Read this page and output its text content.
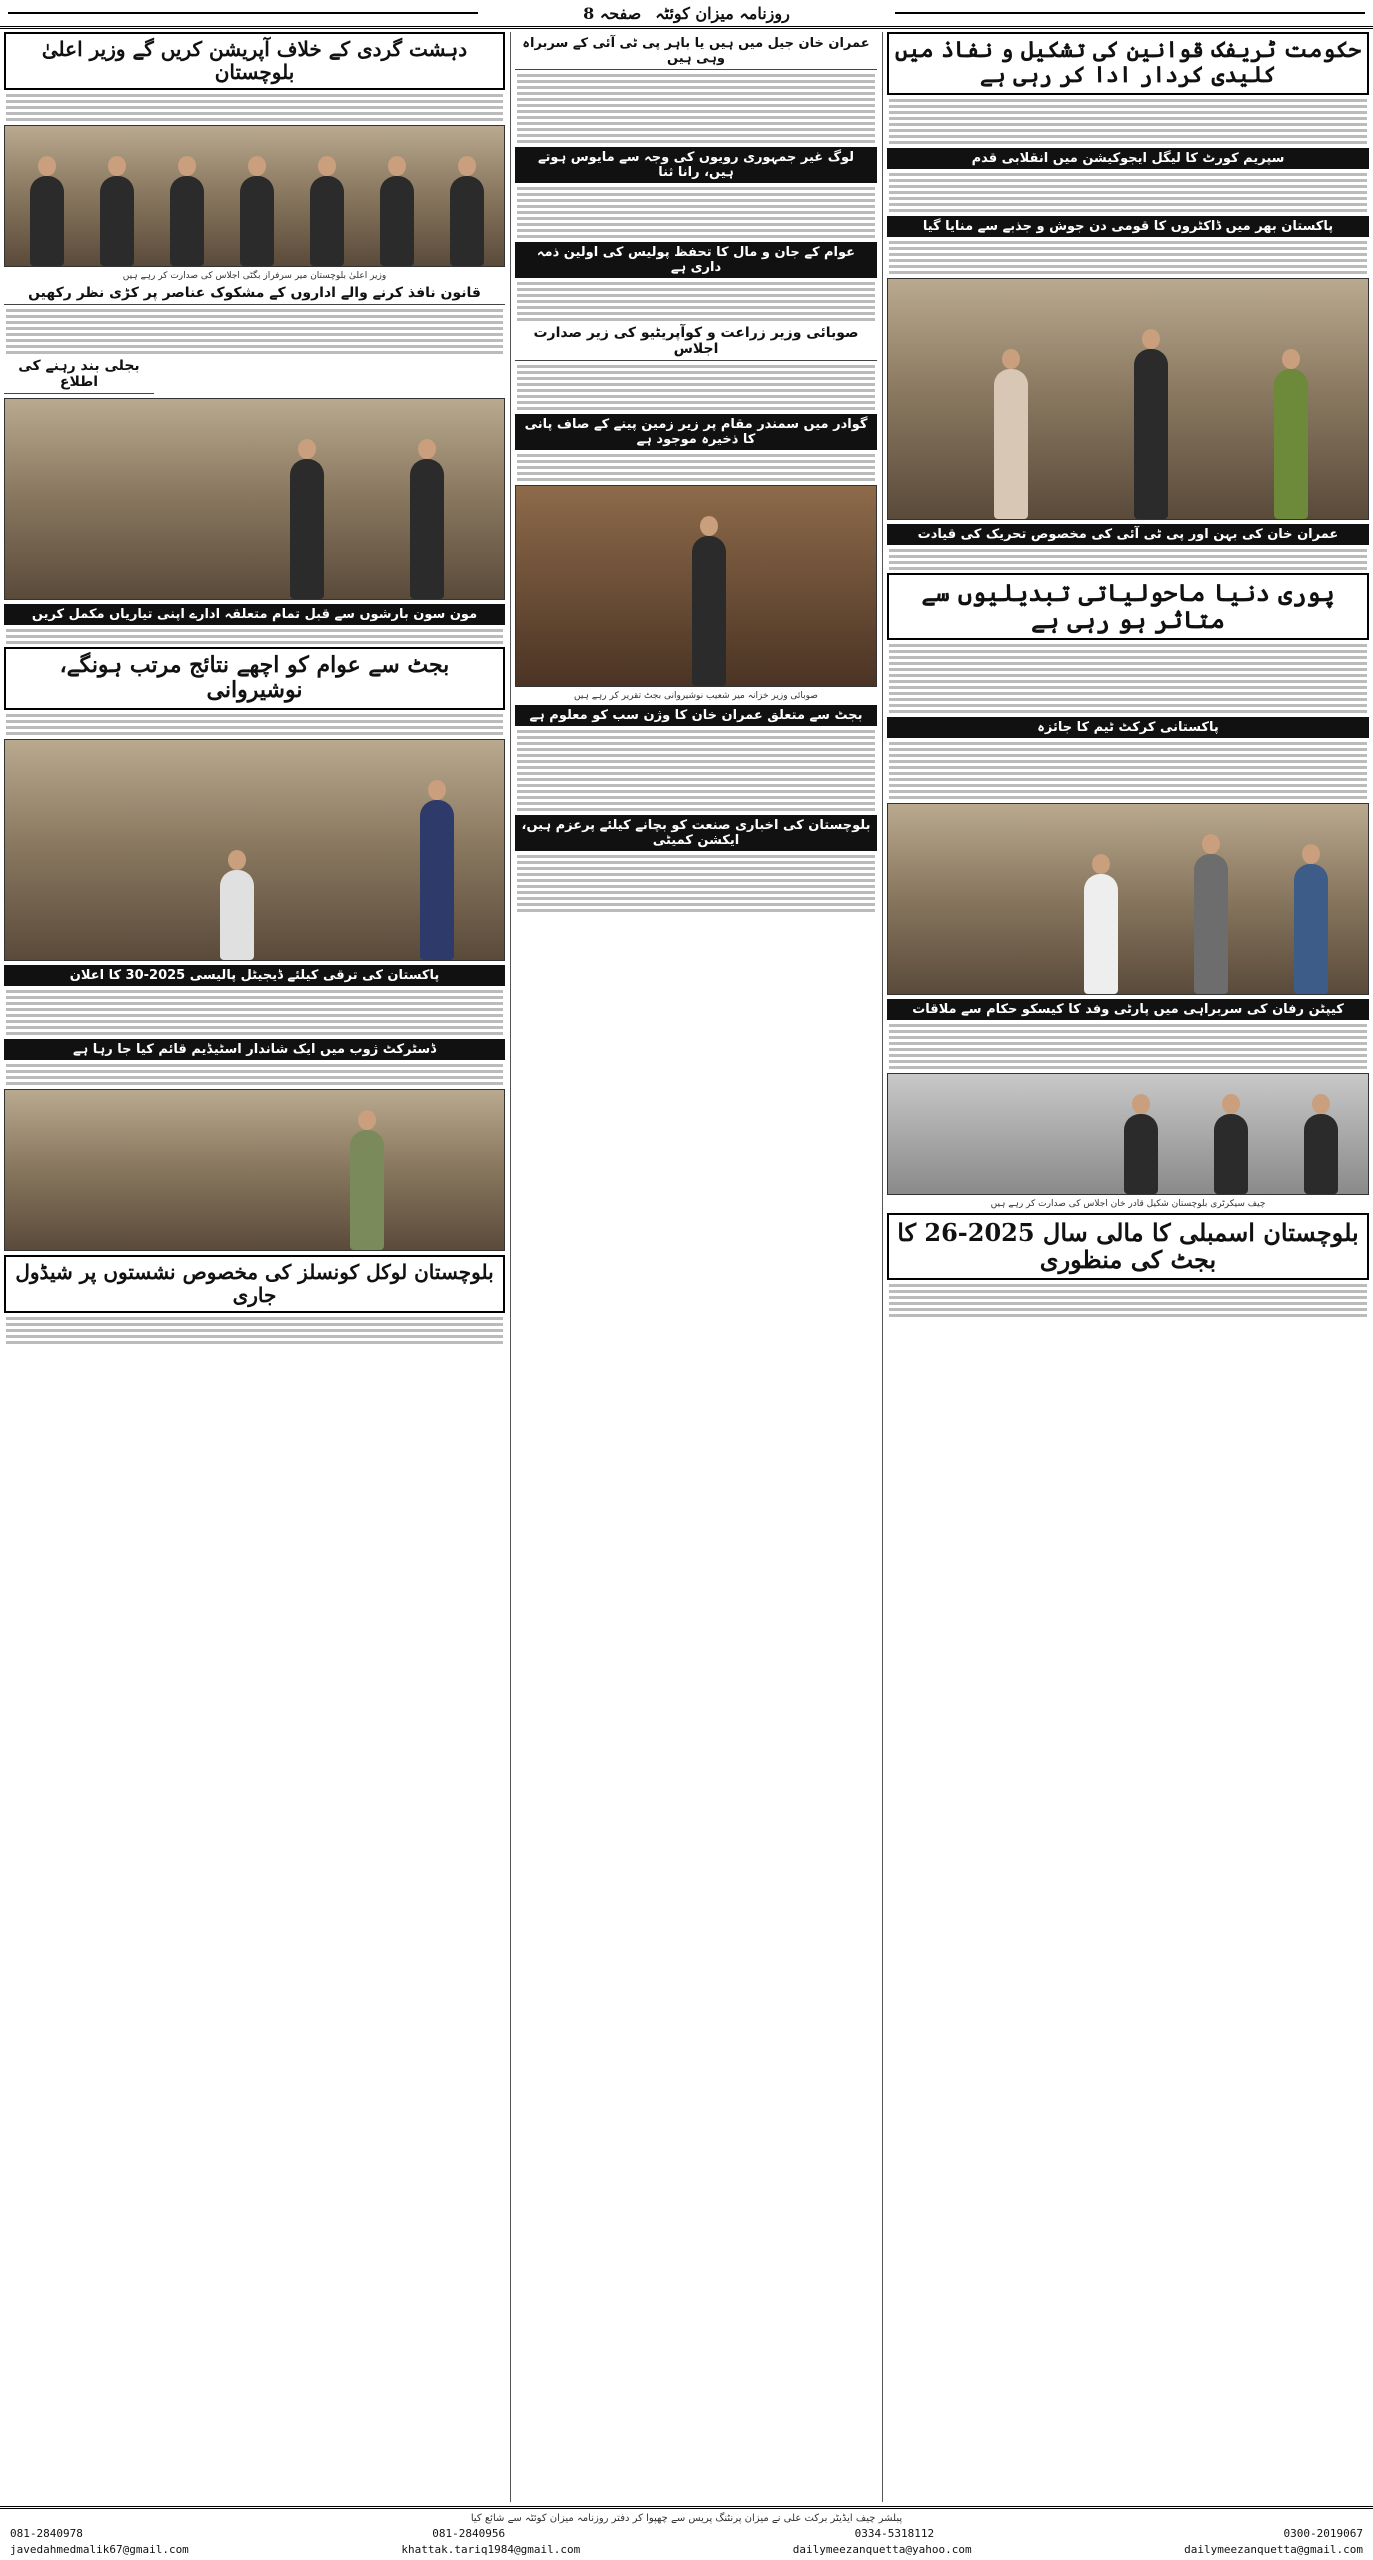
روزنامہ میزان کوئٹہ
صفحہ 8
حکومت ٹریفک قوانین کی تشکیل و نفاذ میں کلیدی کردار ادا کر رہی ہے
سپریم کورٹ کا لیگل ایجوکیشن میں انقلابی قدم
پاکستان بھر میں ڈاکٹروں کا قومی دن جوش و جذبے سے منایا گیا
عمران خان کی بہن اور پی ٹی آئی کی مخصوص تحریک کی قیادت
پوری دنیا ماحولیاتی تبدیلیوں سے متاثر ہو رہی ہے
پاکستانی کرکٹ ٹیم کا جائزہ
کیپٹن رفان کی سربراہی میں پارٹی وفد کا کیسکو حکام سے ملاقات
چیف سیکرٹری بلوچستان شکیل قادر خان اجلاس کی صدارت کر رہے ہیں
بلوچستان اسمبلی کا مالی سال 2025-26 کا بجٹ کی منظوری
عمران خان جیل میں ہیں یا باہر پی ٹی آئی کے سربراہ وہی ہیں
لوگ غیر جمہوری رویوں کی وجہ سے مایوس ہوتے ہیں، رانا ثنا
عوام کے جان و مال کا تحفظ پولیس کی اولین ذمہ داری ہے
صوبائی وزیر زراعت و کوآپریٹیو کی زیر صدارت اجلاس
گوادر میں سمندر مقام پر زیر زمین پینے کے صاف پانی کا ذخیرہ موجود ہے
صوبائی وزیر خزانہ میر شعیب نوشیروانی بجٹ تقریر کر رہے ہیں
بجٹ سے متعلق عمران خان کا وژن سب کو معلوم ہے
بلوچستان کی اخباری صنعت کو بچانے کیلئے پرعزم ہیں، ایکشن کمیٹی
دہشت گردی کے خلاف آپریشن کریں گے وزیر اعلیٰ بلوچستان
وزیر اعلیٰ بلوچستان میر سرفراز بگٹی اجلاس کی صدارت کر رہے ہیں
قانون نافذ کرنے والے اداروں کے مشکوک عناصر پر کڑی نظر رکھیں
بجلی بند رہنے کی اطلاع
مون سون بارشوں سے قبل تمام متعلقہ ادارے اپنی تیاریاں مکمل کریں
بجٹ سے عوام کو اچھے نتائج مرتب ہونگے، نوشیروانی
پاکستان کی ترقی کیلئے ڈیجیٹل پالیسی 2025-30 کا اعلان
ڈسٹرکٹ ژوب میں ایک شاندار اسٹیڈیم قائم کیا جا رہا ہے
بلوچستان لوکل کونسلز کی مخصوص نشستوں پر شیڈول جاری
پبلشر چیف ایڈیٹر برکت علی نے میزان پرنٹنگ پریس سے چھپوا کر دفتر روزنامہ میزان کوئٹہ سے شائع کیا
081-2840978	081-2840956	0334-5318112	0300-2019067
javedahmedmalik67@gmail.com	khattak.tariq1984@gmail.com	dailymeezanquetta@yahoo.com	dailymeezanquetta@gmail.com
